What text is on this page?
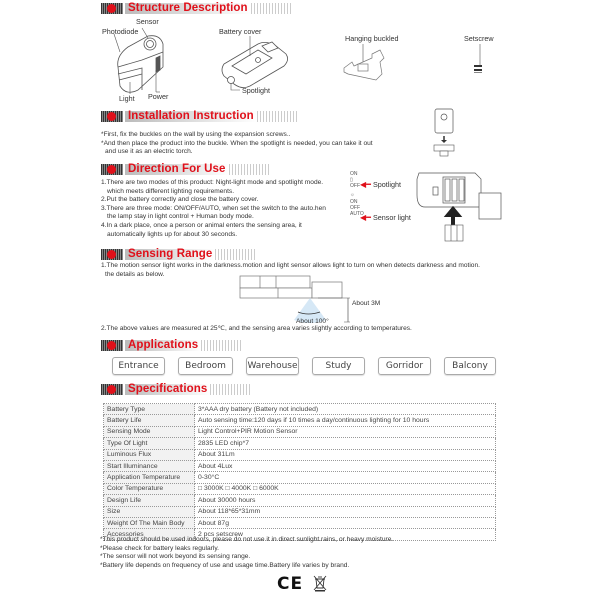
Structure Description
Sensor
Photodiode
Light Power
Battery cover
Spotlight
Hanging buckled	Setscrew
Installation Instruction
*First, fix the buckles on the wall by using the expansion screws..
*And then place the product into the buckle. When the spotlight is needed, you can take it out
and use it as an electric torch.
Direction For Use
1.There are two modes of this product: Night-light mode and spotlight mode.
which meets different lighting requirements.
2.Put the battery correctly and close the battery cover.
3.There are three mode: ON/OFF/AUTO, when set the switch to the auto.hen
the lamp stay in light control + Human body mode.
4.In a dark place, once a person or animal enters the sensing area, it
automatically lights up for about 30 seconds.
ON
▯
OFF
☼
ON
OFF
AUTO
◀━ Spotlight
◀━ Sensor light
Sensing Range
1.The motion sensor light works in the darkness.motion and light sensor allows light to turn on when detects darkness and motion.
the details as below.
About 3M
About 100°
2.The above values are measured at 25℃, and the sensing area varies slightly according to temperatures.
Applications
Entrance	Bedroom	Warehouse	Study	Gorridor	Balcony
Specifications
Battery Type	3*AAA dry battery (Battery not included)
Battery Life	Auto sensing time:120 days if 10 times a day/continuous lighting for 10 hours
Sensing Mode	Light Control+PIR Motion Sensor
Type Of Light	2835 LED chip*7
Luminous Flux	About 31Lm
Start Illuminance	About 4Lux
Application Temperature	0-30°C
Color Temperature	□ 3000K □ 4000K □ 6000K
Design Life	About 30000 hours
Size	About 118*65*31mm
Weight Of The Main Body	About 87g
Accessories	2 pcs setscrew
*This product should be used indoors, please do not use it in direct sunlight.rains, or heavy moisture.
*Please check for battery leaks regularly.
*The sensor will not work beyond its sensing range.
*Battery life depends on frequency of use and usage time.Battery life varies by brand.
CE
